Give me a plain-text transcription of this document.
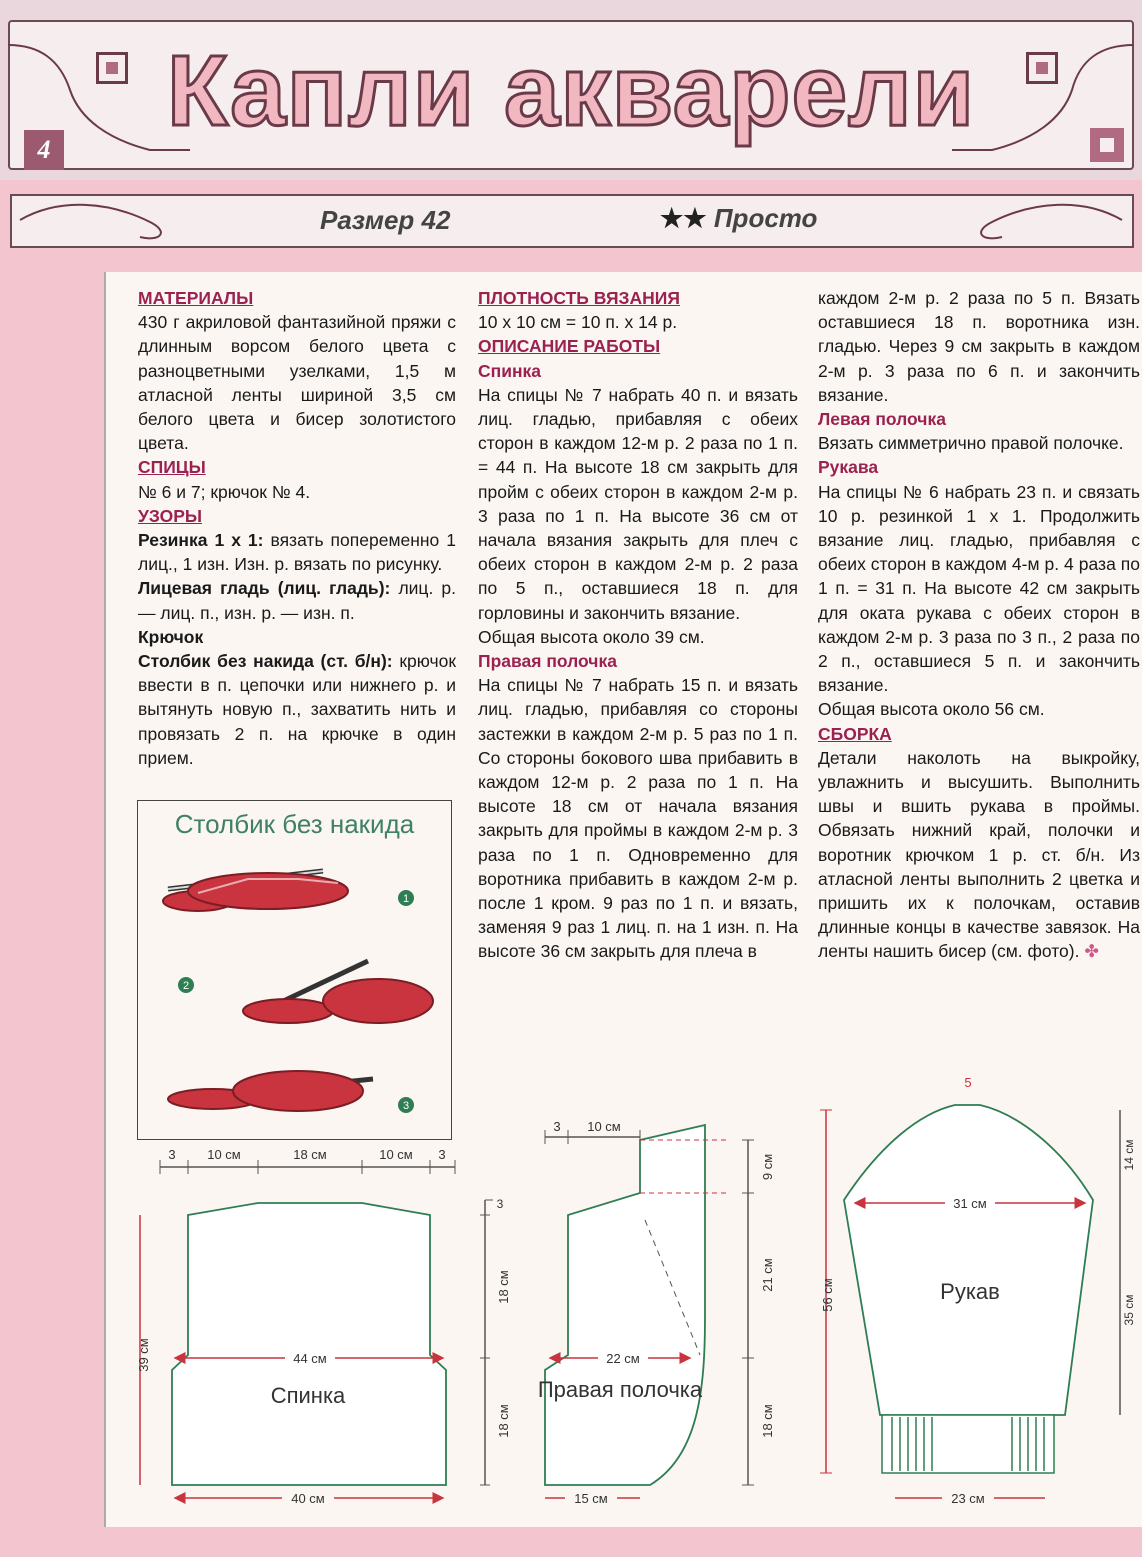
Капли акварели
4
Размер 42	★★ Просто

МАТЕРИАЛЫ

430 г акриловой фантазийной пряжи с длинным ворсом белого цвета с разноцветными узелками, 1,5 м атласной ленты шириной 3,5 см белого цвета и бисер золотистого цвета.

СПИЦЫ

№ 6 и 7; крючок № 4.

УЗОРЫ

Резинка 1 х 1: вязать попеременно 1 лиц., 1 изн. Изн. р. вязать по рисунку.

Лицевая гладь (лиц. гладь): лиц. р. — лиц. п., изн. р. — изн. п.

Крючок

Столбик без накида (ст. б/н): крючок ввести в п. цепочки или нижнего р. и вытянуть новую п., захватить нить и провязать 2 п. на крючке в один прием.

ПЛОТНОСТЬ ВЯЗАНИЯ

10 х 10 см = 10 п. х 14 р.

ОПИСАНИЕ РАБОТЫ

Спинка

На спицы № 7 набрать 40 п. и вязать лиц. гладью, прибавляя с обеих сторон в каждом 12-м р. 2 раза по 1 п. = 44 п. На высоте 18 см закрыть для пройм с обеих сторон в каждом 2-м р. 3 раза по 1 п. На высоте 36 см от начала вязания закрыть для плеч с обеих сторон в каждом 2-м р. 2 раза по 5 п., оставшиеся 18 п. для горловины и закончить вязание.

Общая высота около 39 см.

Правая полочка

На спицы № 7 набрать 15 п. и вязать лиц. гладью, прибавляя со стороны застежки в каждом 2-м р. 5 раз по 1 п. Со стороны бокового шва прибавить в каждом 12-м р. 2 раза по 1 п. На высоте 18 см от начала вязания закрыть для проймы в каждом 2-м р. 3 раза по 1 п. Одновременно для воротника прибавить в каждом 2-м р. после 1 кром. 9 раз по 1 п. и вязать, заменяя 9 раз 1 лиц. п. на 1 изн. п. На высоте 36 см закрыть для плеча в

каждом 2-м р. 2 раза по 5 п. Вязать оставшиеся 18 п. воротника изн. гладью. Через 9 см закрыть в каждом 2-м р. 3 раза по 6 п. и закончить вязание.

Левая полочка

Вязать симметрично правой полочке.

Рукава

На спицы № 6 набрать 23 п. и связать 10 р. резинкой 1 х 1. Продолжить вязание лиц. гладью, прибавляя с обеих сторон в каждом 4-м р. 4 раза по 1 п. = 31 п. На высоте 42 см закрыть для оката рукава с обеих сторон в каждом 2-м р. 3 раза по 3 п., 2 раза по 2 п., оставшиеся 5 п. и закончить вязание.

Общая высота около 56 см.

СБОРКА

Детали наколоть на выкройку, увлажнить и высушить. Выполнить швы и вшить рукава в проймы. Обвязать нижний край, полочки и воротник крючком 1 р. ст. б/н. Из атласной ленты выполнить 2 цветка и пришить их к полочкам, оставив длинные концы в качестве завязок. На ленты нашить бисер (см. фото). ✤

Столбик без накида
1
2
3
3 10 см	18 см	10 см 3
44 см
Спинка
40 см
39 см
3 10 см
22 см
Правая полочка
15 см
3
18 см
18 см
9 см
21 см
18 см
5
31 см
Рукав
23 см
56 см
14 см
35 см
